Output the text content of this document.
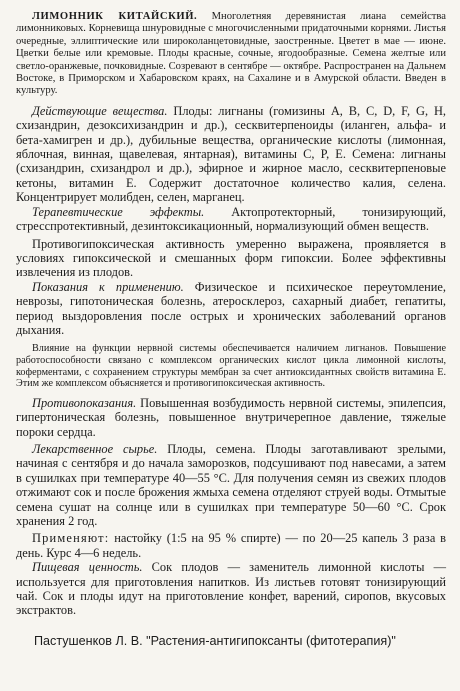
ЛИМОННИК КИТАЙСКИЙ. Многолетняя деревянистая лиана семейства лимонниковых. Корневища шнуровидные с многочисленными придаточными корнями. Листья очередные, эллиптические или широколанцетовидные, заостренные. Цветет в мае — июне. Цветки белые или кремовые. Плоды красные, сочные, ягодообразные. Семена желтые или светло-оранжевые, почковидные. Созревают в сентябре — октябре. Распространен на Дальнем Востоке, в Приморском и Хабаровском краях, на Сахалине и в Амурской области. Введен в культуру.

Действующие вещества. Плоды: лигнаны (гомизины A, B, C, D, F, G, H, схизандрин, дезоксихизандрин и др.), сесквитерпеноиды (иланген, альфа- и бета-хамигрен и др.), дубильные вещества, органические кислоты (лимонная, яблочная, винная, щавелевая, янтарная), витамины C, P, E. Семена: лигнаны (схизандрин, схизандрол и др.), эфирное и жирное масло, сесквитерпеновые кетоны, витамин E. Содержит достаточное количество калия, селена. Концентрирует молибден, селен, марганец.

Терапевтические эффекты. Актопротекторный, тонизирующий, стресспротективный, дезинтоксикационный, нормализующий обмен веществ.

Противогипоксическая активность умеренно выражена, проявляется в условиях гипоксической и смешанных форм гипоксии. Более эффективны извлечения из плодов.

Показания к применению. Физическое и психическое переутомление, неврозы, гипотоническая болезнь, атеросклероз, сахарный диабет, гепатиты, период выздоровления после острых и хронических заболеваний органов дыхания.

Влияние на функции нервной системы обеспечивается наличием лигнанов. Повышение работоспособности связано с комплексом органических кислот цикла лимонной кислоты, коферментами, с сохранением структуры мембран за счет антиоксидантных свойств витамина E. Этим же комплексом объясняется и противогипоксическая активность.

Противопоказания. Повышенная возбудимость нервной системы, эпилепсия, гипертоническая болезнь, повышенное внутричерепное давление, тяжелые пороки сердца.

Лекарственное сырье. Плоды, семена. Плоды заготавливают зрелыми, начиная с сентября и до начала заморозков, подсушивают под навесами, а затем в сушилках при температуре 40—55 °C. Для получения семян из свежих плодов отжимают сок и после брожения жмыха семена отделяют струей воды. Отмытые семена сушат на солнце или в сушилках при температуре 50—60 °C. Срок хранения 2 год.

Применяют: настойку (1:5 на 95 % спирте) — по 20—25 капель 3 раза в день. Курс 4—6 недель.

Пищевая ценность. Сок плодов — заменитель лимонной кислоты — используется для приготовления напитков. Из листьев готовят тонизирующий чай. Сок и плоды идут на приготовление конфет, варений, сиропов, вкусовых экстрактов.

Пастушенков Л. В. "Растения-антигипоксанты (фитотерапия)"
